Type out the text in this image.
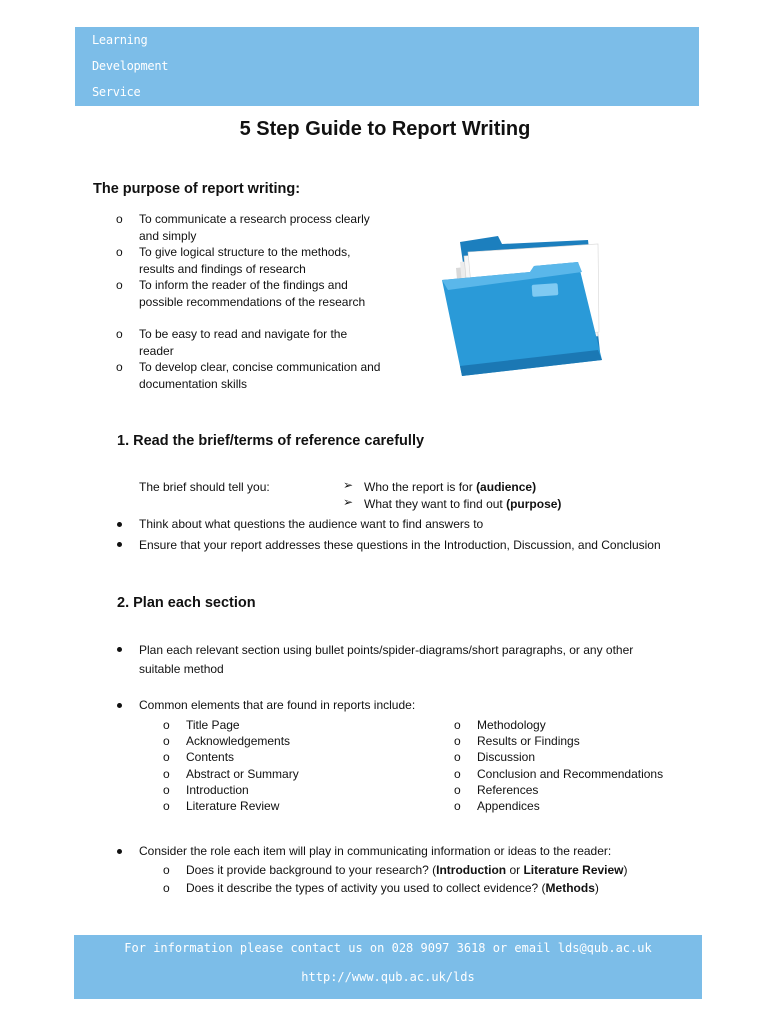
Learning
Development
Service
5 Step Guide to Report Writing
The purpose of report writing:
o To communicate a research process clearly and simply
o To give logical structure to the methods, results and findings of research
o To inform the reader of the findings and possible recommendations of the research
o To be easy to read and navigate for the reader
o To develop clear, concise communication and documentation skills
1. Read the brief/terms of reference carefully
The brief should tell you:	➢ Who the report is for (audience)
➢ What they want to find out (purpose)
Think about what questions the audience want to find answers to
Ensure that your report addresses these questions in the Introduction, Discussion, and Conclusion
2. Plan each section
Plan each relevant section using bullet points/spider-diagrams/short paragraphs, or any other suitable method
Common elements that are found in reports include:
o Title Page
o Acknowledgements
o Contents
o Abstract or Summary
o Introduction
o Literature Review
o Methodology
o Results or Findings
o Discussion
o Conclusion and Recommendations
o References
o Appendices
Consider the role each item will play in communicating information or ideas to the reader:
o Does it provide background to your research? (Introduction or Literature Review)
o Does it describe the types of activity you used to collect evidence? (Methods)
For information please contact us on 028 9097 3618 or email lds@qub.ac.uk
http://www.qub.ac.uk/lds
